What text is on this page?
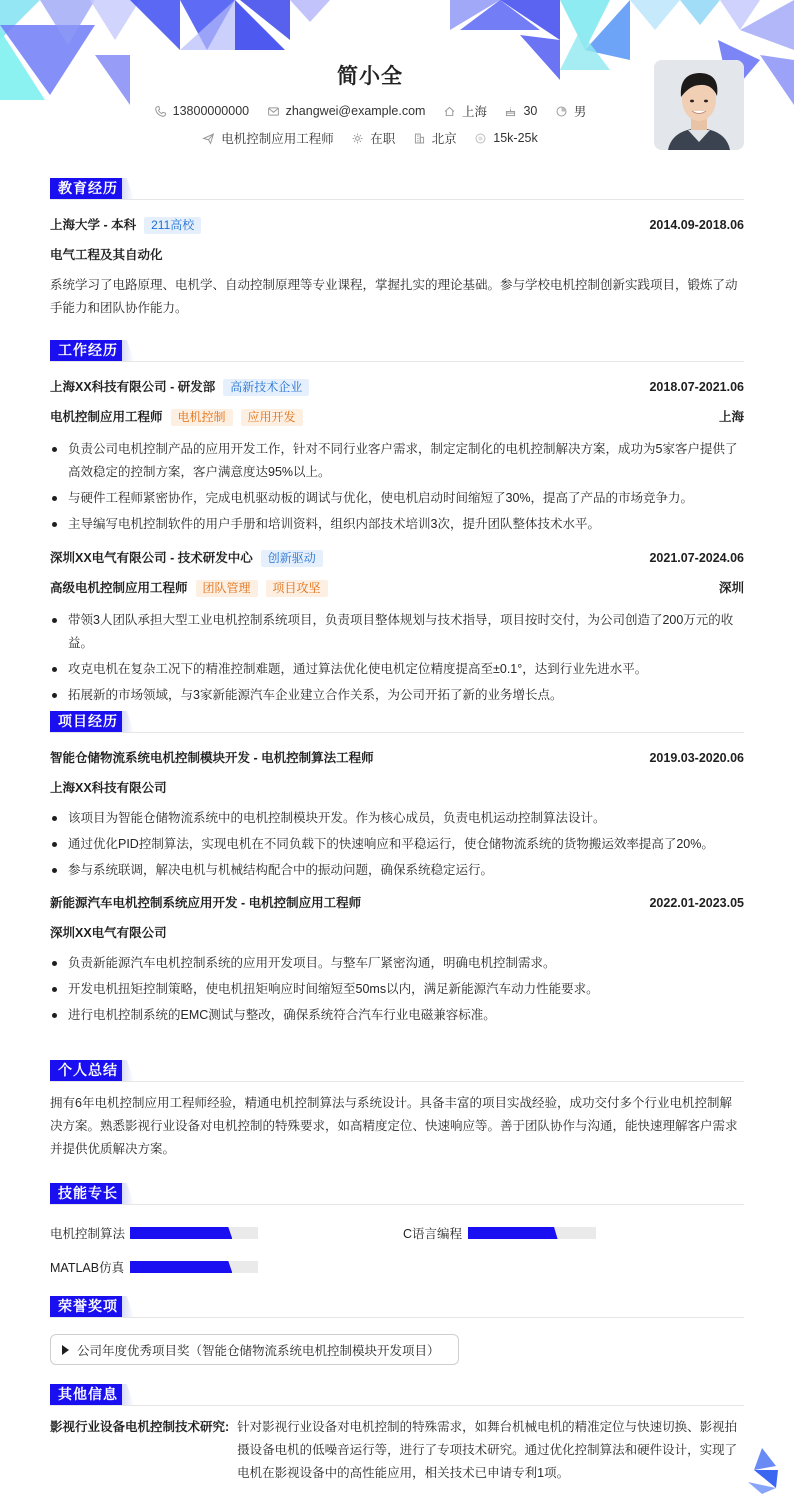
简小全
13800000000
	zhangwei@example.com
	上海
	30
	男
电机控制应用工程师
	在职
	北京
	15k-25k
教育经历
上海大学 - 本科	211高校	2014.09-2018.06
电气工程及其自动化
系统学习了电路原理、电机学、自动控制原理等专业课程，掌握扎实的理论基础。参与学校电机控制创新实践项目，锻炼了动手能力和团队协作能力。
工作经历
上海XX科技有限公司 - 研发部	高新技术企业	2018.07-2021.06
电机控制应用工程师	电机控制	应用开发	上海
负责公司电机控制产品的应用开发工作，针对不同行业客户需求，制定定制化的电机控制解决方案，成功为5家客户提供了高效稳定的控制方案，客户满意度达95%以上。
与硬件工程师紧密协作，完成电机驱动板的调试与优化，使电机启动时间缩短了30%，提高了产品的市场竞争力。
主导编写电机控制软件的用户手册和培训资料，组织内部技术培训3次，提升团队整体技术水平。
深圳XX电气有限公司 - 技术研发中心	创新驱动	2021.07-2024.06
高级电机控制应用工程师	团队管理	项目攻坚	深圳
带领3人团队承担大型工业电机控制系统项目，负责项目整体规划与技术指导，项目按时交付，为公司创造了200万元的收益。
攻克电机在复杂工况下的精准控制难题，通过算法优化使电机定位精度提高至±0.1°，达到行业先进水平。
拓展新的市场领域，与3家新能源汽车企业建立合作关系，为公司开拓了新的业务增长点。
项目经历
智能仓储物流系统电机控制模块开发 - 电机控制算法工程师	2019.03-2020.06
上海XX科技有限公司
该项目为智能仓储物流系统中的电机控制模块开发。作为核心成员，负责电机运动控制算法设计。
通过优化PID控制算法，实现电机在不同负载下的快速响应和平稳运行，使仓储物流系统的货物搬运效率提高了20%。
参与系统联调，解决电机与机械结构配合中的振动问题，确保系统稳定运行。
新能源汽车电机控制系统应用开发 - 电机控制应用工程师	2022.01-2023.05
深圳XX电气有限公司
负责新能源汽车电机控制系统的应用开发项目。与整车厂紧密沟通，明确电机控制需求。
开发电机扭矩控制策略，使电机扭矩响应时间缩短至50ms以内，满足新能源汽车动力性能要求。
进行电机控制系统的EMC测试与整改，确保系统符合汽车行业电磁兼容标准。
个人总结
拥有6年电机控制应用工程师经验，精通电机控制算法与系统设计。具备丰富的项目实战经验，成功交付多个行业电机控制解决方案。熟悉影视行业设备对电机控制的特殊要求，如高精度定位、快速响应等。善于团队协作与沟通，能快速理解客户需求并提供优质解决方案。
技能专长
电机控制算法	C语言编程
MATLAB仿真
荣誉奖项
公司年度优秀项目奖（智能仓储物流系统电机控制模块开发项目）
其他信息
影视行业设备电机控制技术研究: 针对影视行业设备对电机控制的特殊需求，如舞台机械电机的精准定位与快速切换、影视拍摄设备电机的低噪音运行等，进行了专项技术研究。通过优化控制算法和硬件设计，实现了电机在影视设备中的高性能应用，相关技术已申请专利1项。
